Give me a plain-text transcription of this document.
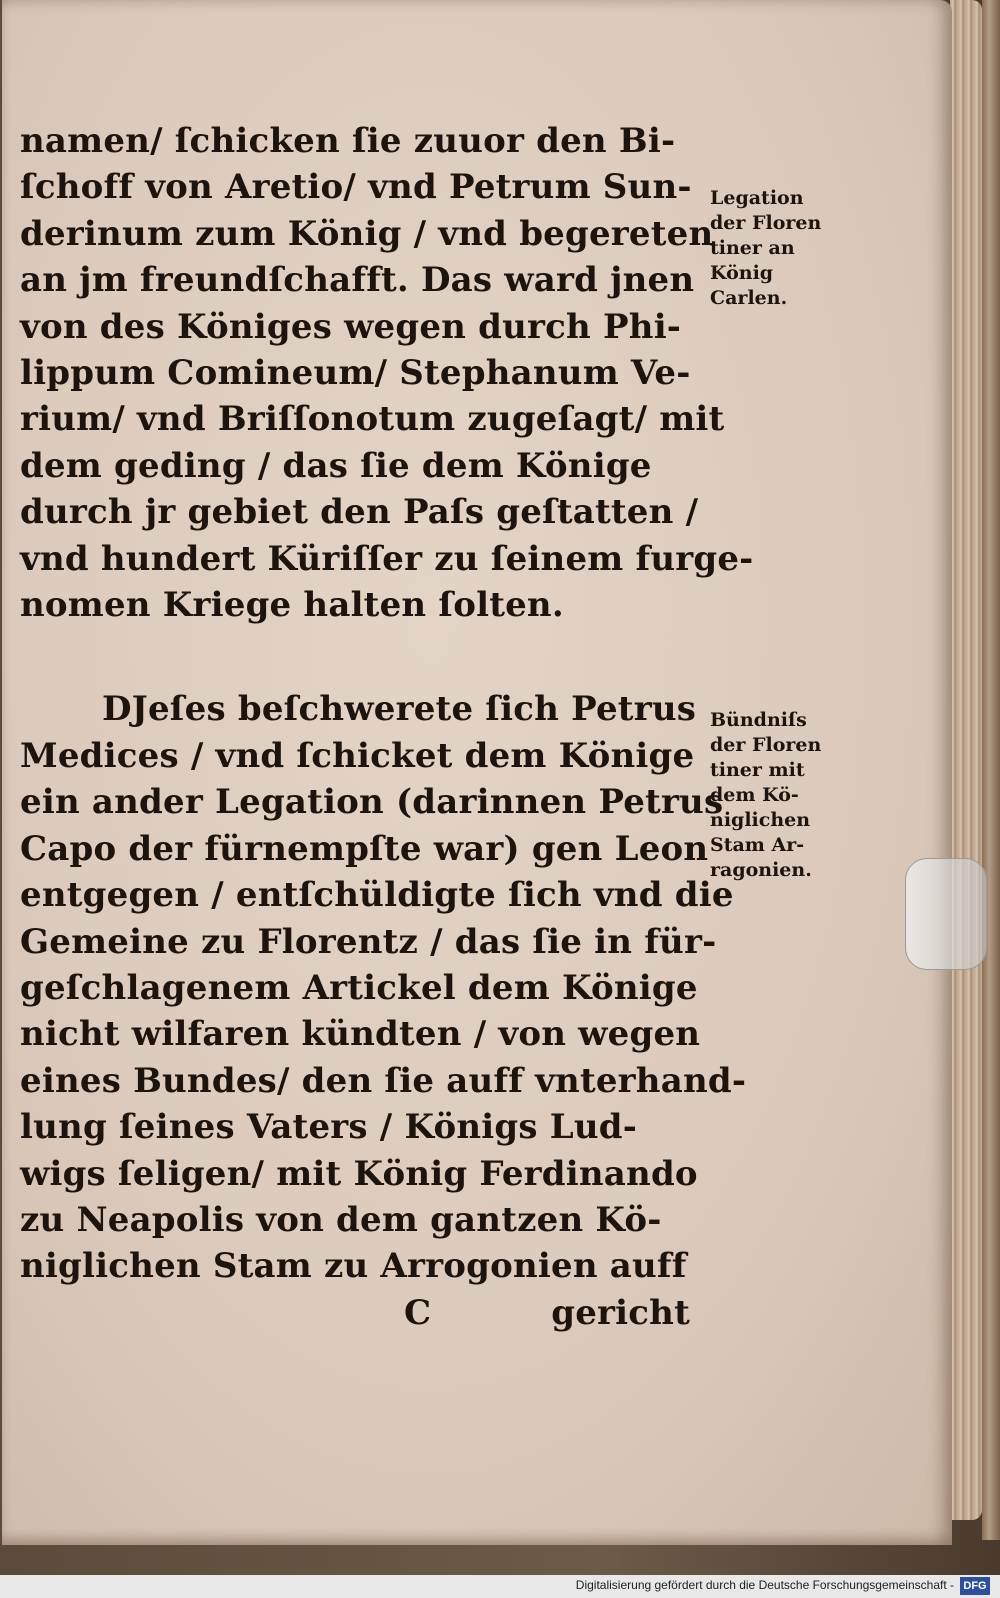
namen/ ſchicken ſie zuuor den Bi-
ſchoff von Aretio/ vnd Petrum Sun-
derinum zum König / vnd begereten
an jm freundſchafft. Das ward jnen
von des Königes wegen durch Phi-
lippum Comineum/ Stephanum Ve-
rium/ vnd Briſſonotum zugeſagt/ mit
dem geding / das ſie dem Könige
durch jr gebiet den Paſs geſtatten /
vnd hundert Küriſſer zu ſeinem furge-
nomen Kriege halten ſolten.
DJeſes beſchwerete ſich Petrus
Medices / vnd ſchicket dem Könige
ein ander Legation (darinnen Petrus
Capo der fürnempſte war) gen Leon
entgegen / entſchüldigte ſich vnd die
Gemeine zu Florentz / das ſie in für-
geſchlagenem Artickel dem Könige
nicht wilfaren kündten / von wegen
eines Bundes/ den ſie auff vnterhand-
lung ſeines Vaters / Königs Lud-
wigs ſeligen/ mit König Ferdinando
zu Neapolis von dem gantzen Kö-
niglichen Stam zu Arrogonien auff
C	gericht
Legation
der Floren
tiner an
König
Carlen.
Bündniſs
der Floren
tiner mit
dem Kö-
niglichen
Stam Ar-
ragonien.
Digitalisierung gefördert durch die Deutsche Forschungsgemeinschaft - DFG
